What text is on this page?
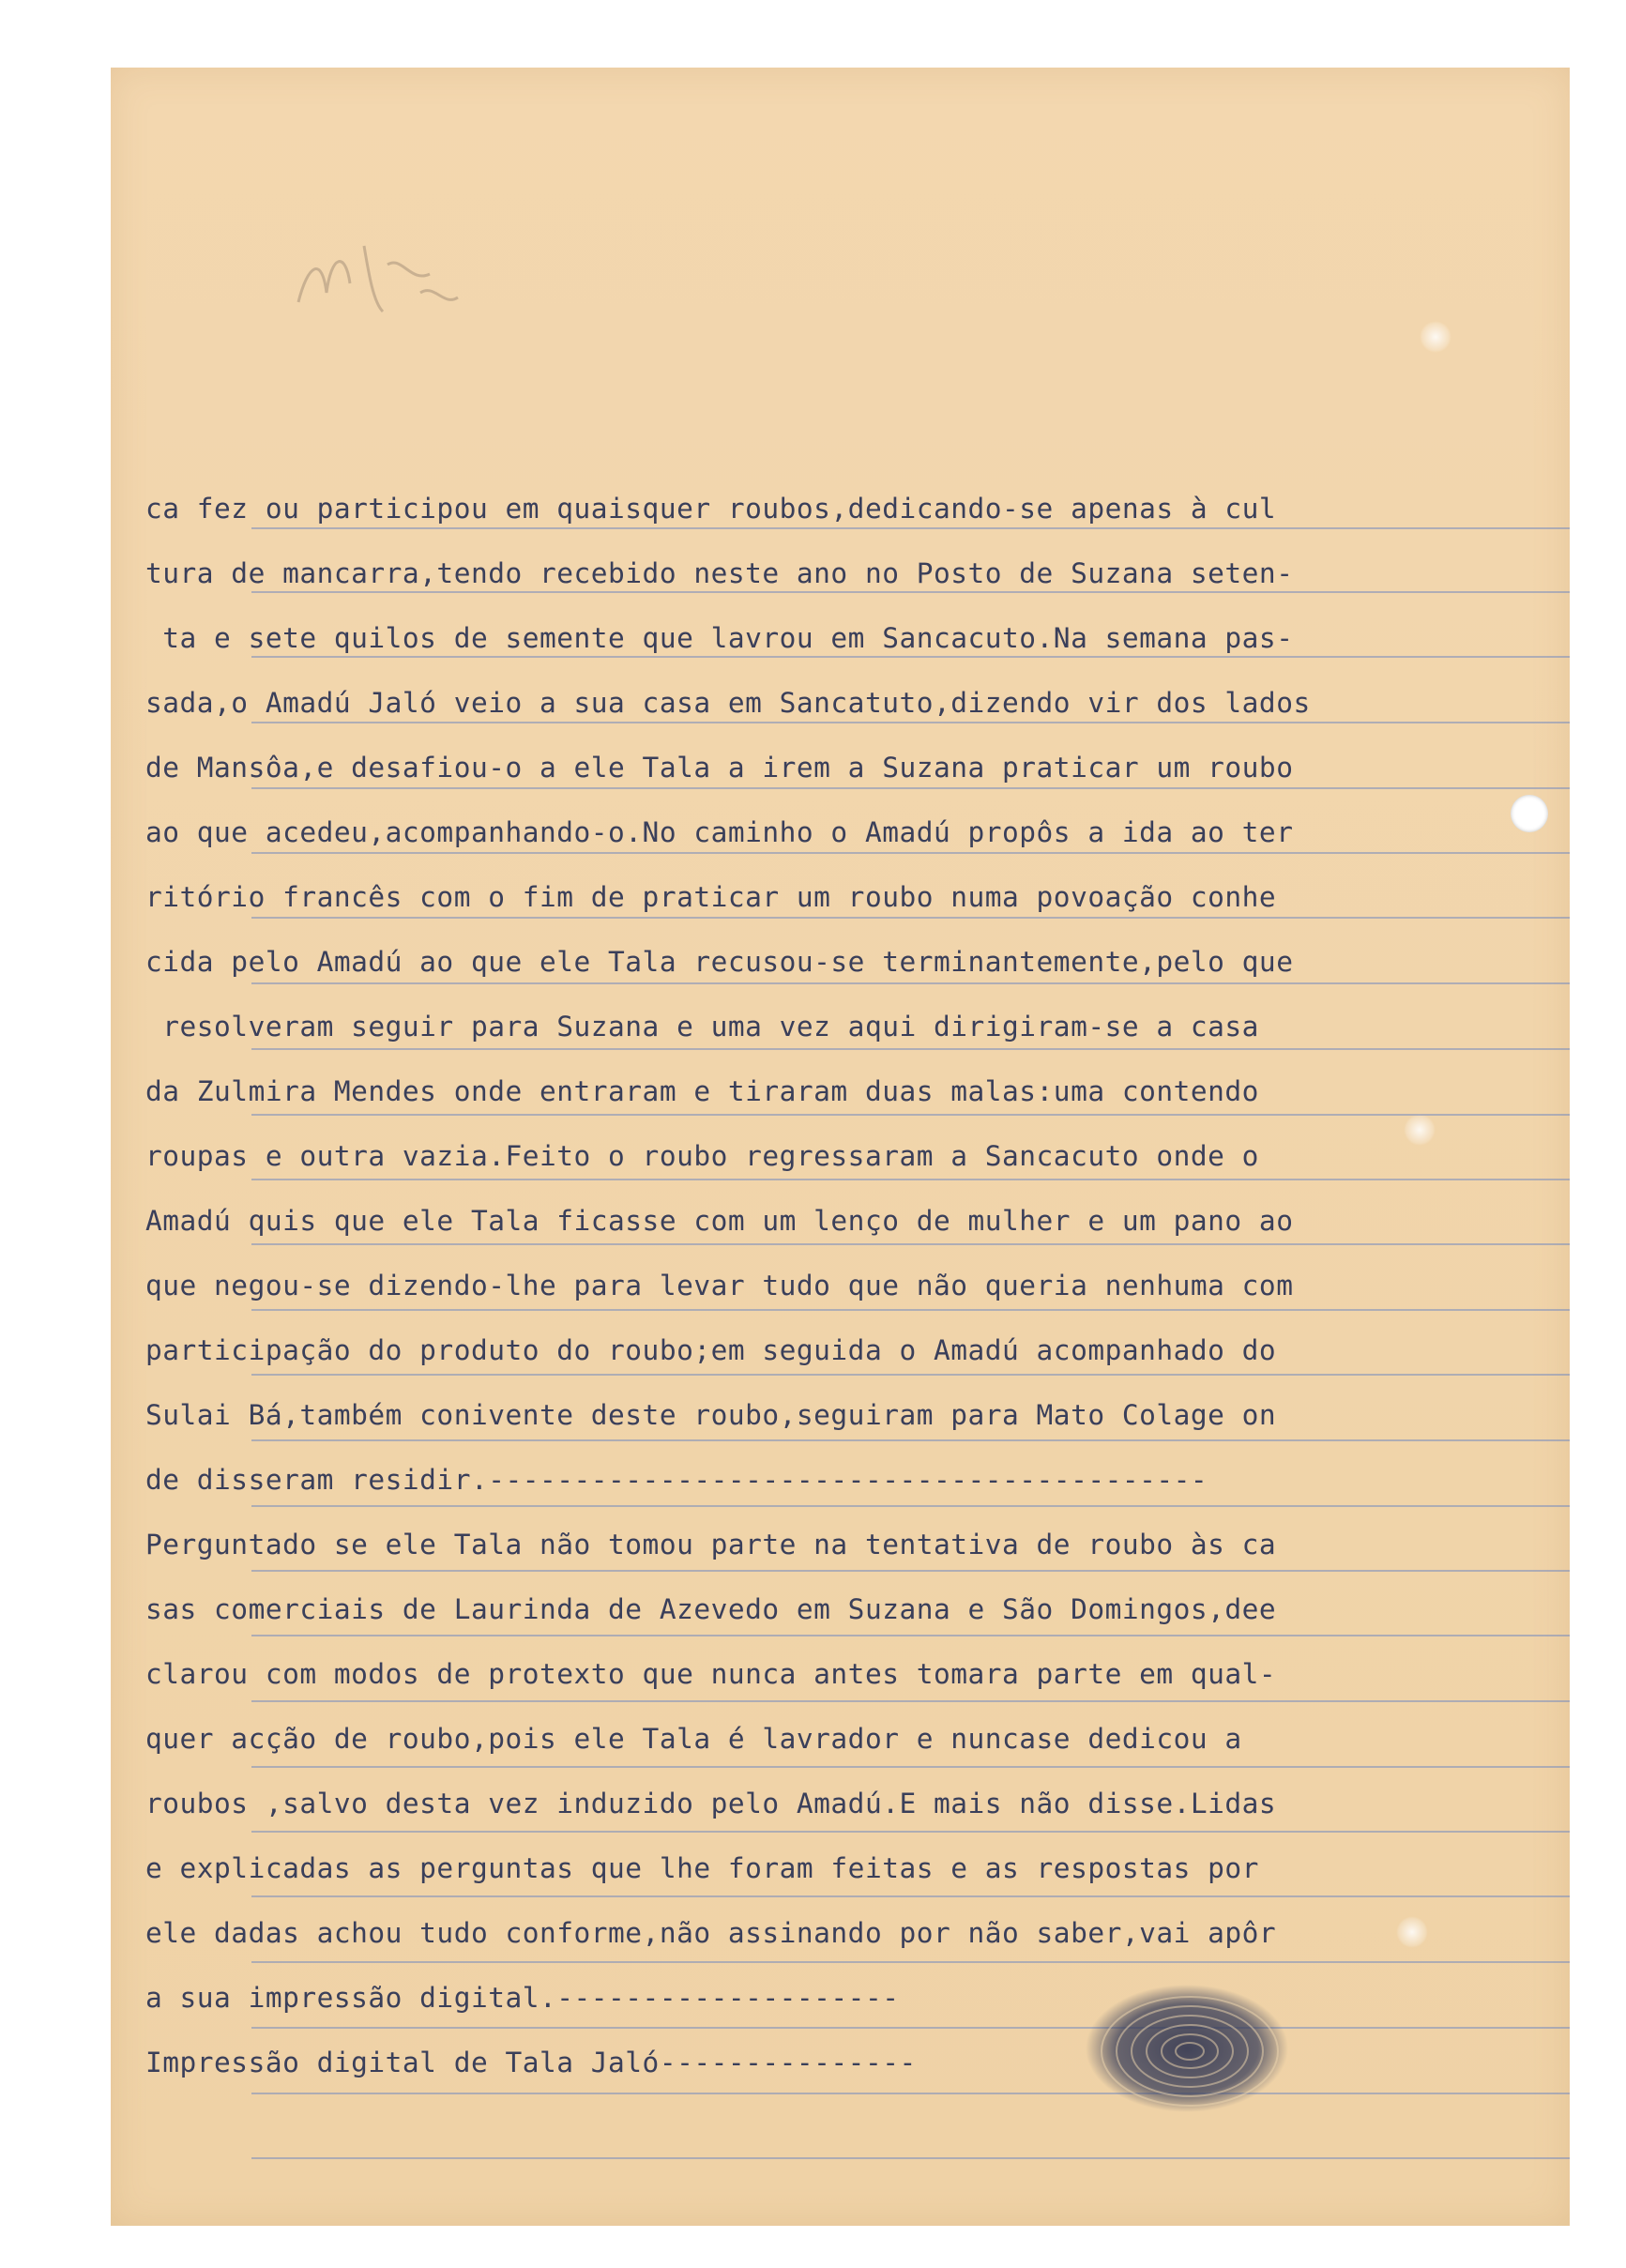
ca fez ou participou em quaisquer roubos,dedicando-se apenas à cul
tura de mancarra,tendo recebido neste ano no Posto de Suzana seten-
ta e sete quilos de semente que lavrou em Sancacuto.Na semana pas-
sada,o Amadú Jaló veio a sua casa em Sancatuto,dizendo vir dos lados
de Mansôa,e desafiou-o a ele Tala a irem a Suzana praticar um roubo
ao que acedeu,acompanhando-o.No caminho o Amadú propôs a ida ao ter
ritório francês com o fim de praticar um roubo numa povoação conhe
cida pelo Amadú ao que ele Tala recusou-se terminantemente,pelo que
resolveram seguir para Suzana e uma vez aqui dirigiram-se a casa
da Zulmira Mendes onde entraram e tiraram duas malas:uma contendo
roupas e outra vazia.Feito o roubo regressaram a Sancacuto onde o
Amadú quis que ele Tala ficasse com um lenço de mulher e um pano ao
que negou-se dizendo-lhe para levar tudo que não queria nenhuma com
participação do produto do roubo;em seguida o Amadú acompanhado do
Sulai Bá,também conivente deste roubo,seguiram para Mato Colage on
de disseram residir.------------------------------------------
Perguntado se ele Tala não tomou parte na tentativa de roubo às ca
sas comerciais de Laurinda de Azevedo em Suzana e São Domingos,dee
clarou com modos de protexto que nunca antes tomara parte em qual-
quer acção de roubo,pois ele Tala é lavrador e nuncase dedicou a
roubos ,salvo desta vez induzido pelo Amadú.E mais não disse.Lidas
e explicadas as perguntas que lhe foram feitas e as respostas por
ele dadas achou tudo conforme,não assinando por não saber,vai apôr
a sua impressão digital.--------------------
Impressão digital de Tala Jaló---------------
